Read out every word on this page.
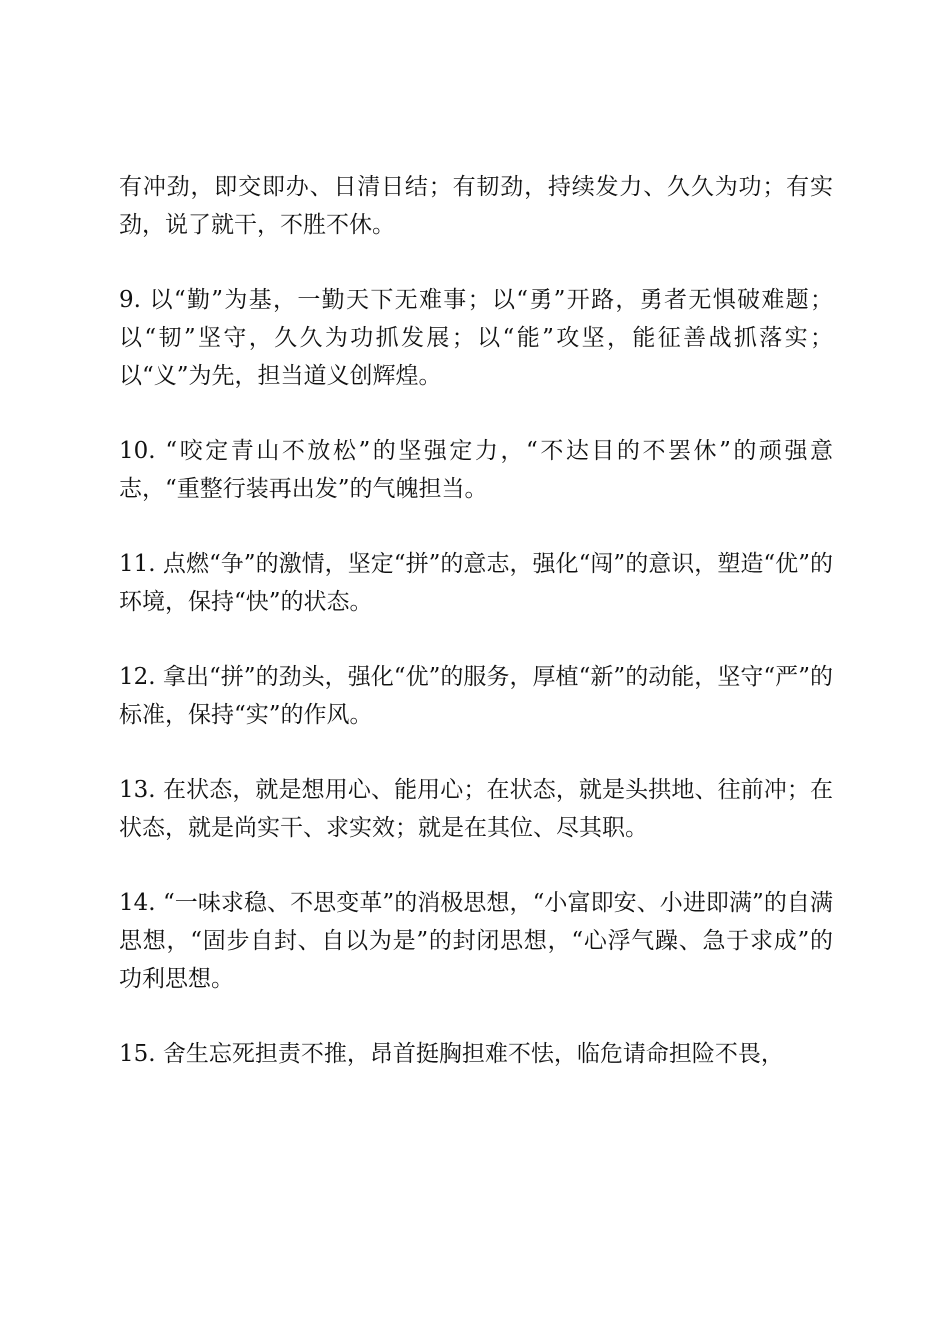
有冲劲，即交即办、日清日结；有韧劲，持续发力、久久为功；有实劲，说了就干，不胜不休。

9. 以“勤”为基，一勤天下无难事；以“勇”开路，勇者无惧破难题；以“韧”坚守，久久为功抓发展；以“能”攻坚，能征善战抓落实；以“义”为先，担当道义创辉煌。

10. “咬定青山不放松”的坚强定力，“不达目的不罢休”的顽强意志，“重整行装再出发”的气魄担当。

11. 点燃“争”的激情，坚定“拼”的意志，强化“闯”的意识，塑造“优”的环境，保持“快”的状态。

12. 拿出“拼”的劲头，强化“优”的服务，厚植“新”的动能，坚守“严”的标准，保持“实”的作风。

13. 在状态，就是想用心、能用心；在状态，就是头拱地、往前冲；在状态，就是尚实干、求实效；就是在其位、尽其职。

14. “一味求稳、不思变革”的消极思想，“小富即安、小进即满”的自满思想，“固步自封、自以为是”的封闭思想，“心浮气躁、急于求成”的功利思想。

15. 舍生忘死担责不推，昂首挺胸担难不怯，临危请命担险不畏，
